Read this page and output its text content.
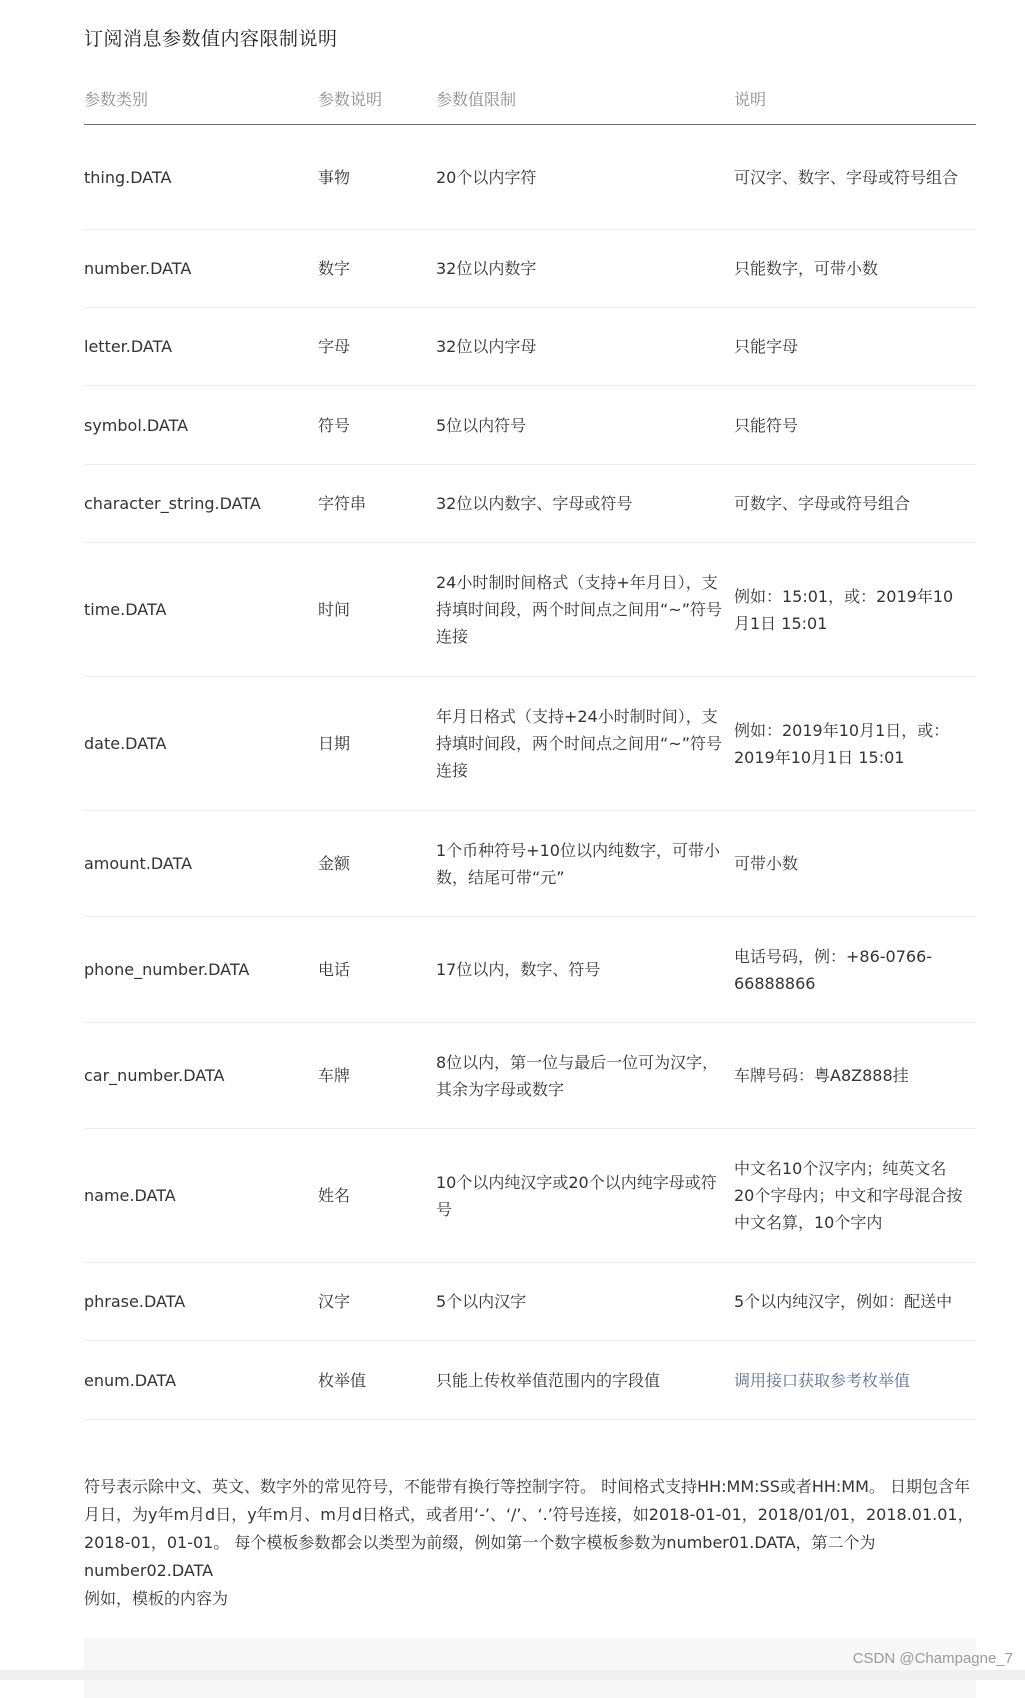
订阅消息参数值内容限制说明
参数类别	参数说明	参数值限制	说明
thing.DATA	事物	20个以内字符	可汉字、数字、字母或符号组合
number.DATA	数字	32位以内数字	只能数字，可带小数
letter.DATA	字母	32位以内字母	只能字母
symbol.DATA	符号	5位以内符号	只能符号
character_string.DATA	字符串	32位以内数字、字母或符号	可数字、字母或符号组合
time.DATA	时间	24小时制时间格式（支持+年月日），支持填时间段，两个时间点之间用“~”符号连接	例如：15:01，或：2019年10月1日 15:01
date.DATA	日期	年月日格式（支持+24小时制时间），支持填时间段，两个时间点之间用“~”符号连接	例如：2019年10月1日，或：2019年10月1日 15:01
amount.DATA	金额	1个币种符号+10位以内纯数字，可带小数，结尾可带“元”	可带小数
phone_number.DATA	电话	17位以内，数字、符号	电话号码，例：+86-0766-66888866
car_number.DATA	车牌	8位以内，第一位与最后一位可为汉字，其余为字母或数字	车牌号码：粤A8Z888挂
name.DATA	姓名	10个以内纯汉字或20个以内纯字母或符号	中文名10个汉字内；纯英文名20个字母内；中文和字母混合按中文名算，10个字内
phrase.DATA	汉字	5个以内汉字	5个以内纯汉字，例如：配送中
enum.DATA	枚举值	只能上传枚举值范围内的字段值	调用接口获取参考枚举值
符号表示除中文、英文、数字外的常见符号，不能带有换行等控制字符。 时间格式支持HH:MM:SS或者HH:MM。 日期包含年月日，为y年m月d日，y年m月、m月d日格式，或者用‘-’、‘/’、‘.’符号连接，如2018-01-01，2018/01/01，2018.01.01，2018-01，01-01。 每个模板参数都会以类型为前缀，例如第一个数字模板参数为number01.DATA，第二个为number02.DATA
例如，模板的内容为
CSDN @Champagne_7
